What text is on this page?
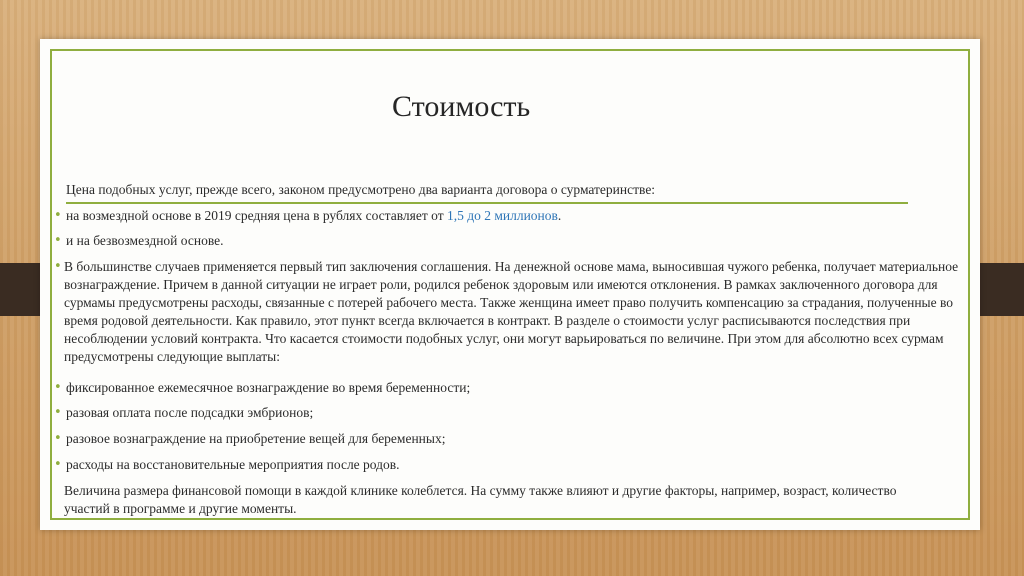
Стоимость
Цена подобных услуг, прежде всего, законом предусмотрено два варианта договора о сурматеринстве:
• на возмездной основе в 2019 средняя цена в рублях составляет от 1,5 до 2 миллионов.
• и на безвозмездной основе.
• В большинстве случаев применяется первый тип заключения соглашения. На денежной основе мама, выносившая чужого ребенка, получает материальное вознаграждение. Причем в данной ситуации не играет роли, родился ребенок здоровым или имеются отклонения. В рамках заключенного договора для сурмамы предусмотрены расходы, связанные с потерей рабочего места. Также женщина имеет право получить компенсацию за страдания, полученные во время родовой деятельности. Как правило, этот пункт всегда включается в контракт. В разделе о стоимости услуг расписываются последствия при несоблюдении условий контракта. Что касается стоимости подобных услуг, они могут варьироваться по величине. При этом для абсолютно всех сурмам предусмотрены следующие выплаты:
• фиксированное ежемесячное вознаграждение во время беременности;
• разовая оплата после подсадки эмбрионов;
• разовое вознаграждение на приобретение вещей для беременных;
• расходы на восстановительные мероприятия после родов.
Величина размера финансовой помощи в каждой клинике колеблется. На сумму также влияют и другие факторы, например, возраст, количество участий в программе и другие моменты.
